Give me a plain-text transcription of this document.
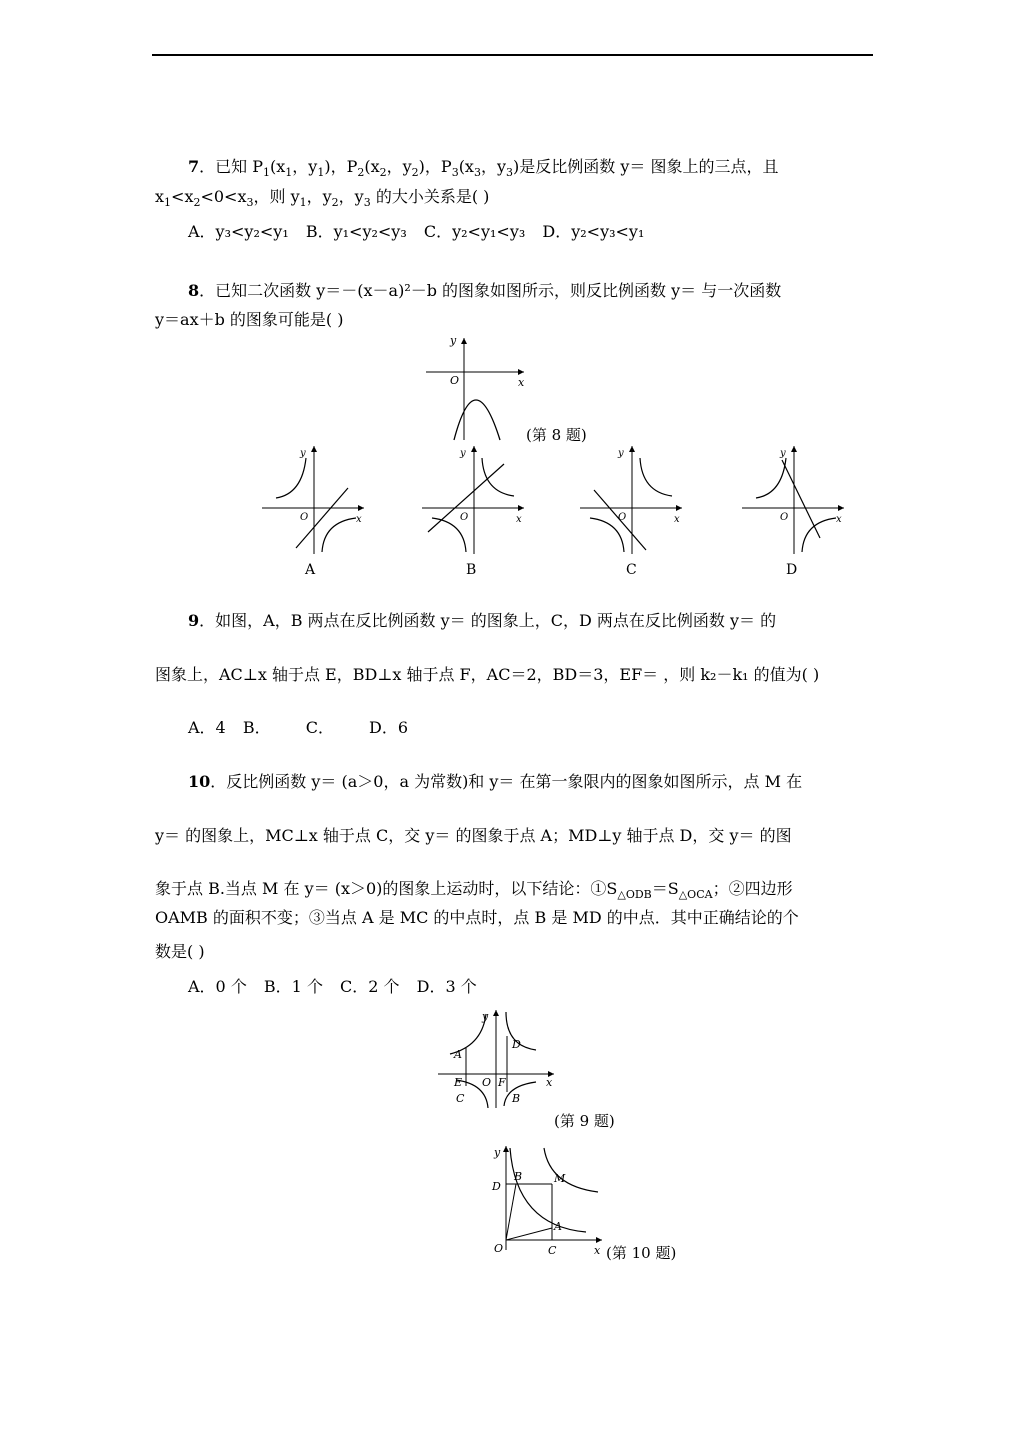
7．已知 $P_1(x_1$，$y_1$)，$P_2(x_2$，$y_2$)，$P_3(x_3$，$y_3$)是反比例函数 y＝ 图象上的三点，且
$x_1<x_2<0<x_3$，则 $y_1$，$y_2$，$y_3$ 的大小关系是( )
A．y₃<y₂<y₁ B．y₁<y₂<y₃ C．y₂<y₁<y₃ D．y₂<y₃<y₁
8．已知二次函数 y＝－(x－a)²－b 的图象如图所示，则反比例函数 y＝ 与一次函数
y＝ax＋b 的图象可能是( )
x
y
O
(第 8 题)
x
y
O
A
x
y
O
B
x
y
O
C
x
y
O
D
9．如图，A，B 两点在反比例函数 y＝ 的图象上，C，D 两点在反比例函数 y＝ 的
图象上，AC⊥x 轴于点 E，BD⊥x 轴于点 F，AC＝2，BD＝3，EF＝ ，则 k₂－k₁ 的值为( )
A．4 B． C． D．6
10．反比例函数 y＝ (a＞0，a 为常数)和 y＝ 在第一象限内的图象如图所示，点 M 在
y＝ 的图象上，MC⊥x 轴于点 C，交 y＝ 的图象于点 A；MD⊥y 轴于点 D，交 y＝ 的图
象于点 B.当点 M 在 y＝ (x＞0)的图象上运动时，以下结论：$①S_{\triangle ODB}=S_{\triangle OCA}$；②四边形
OAMB 的面积不变；③当点 A 是 MC 的中点时，点 B 是 MD 的中点．其中正确结论的个
数是( )
A．0 个 B．1 个 C．2 个 D．3 个
A
B
C
D
E	F
O	x
y
(第 9 题)
D
B	M
A
C
O	x
y
(第 10 题)
